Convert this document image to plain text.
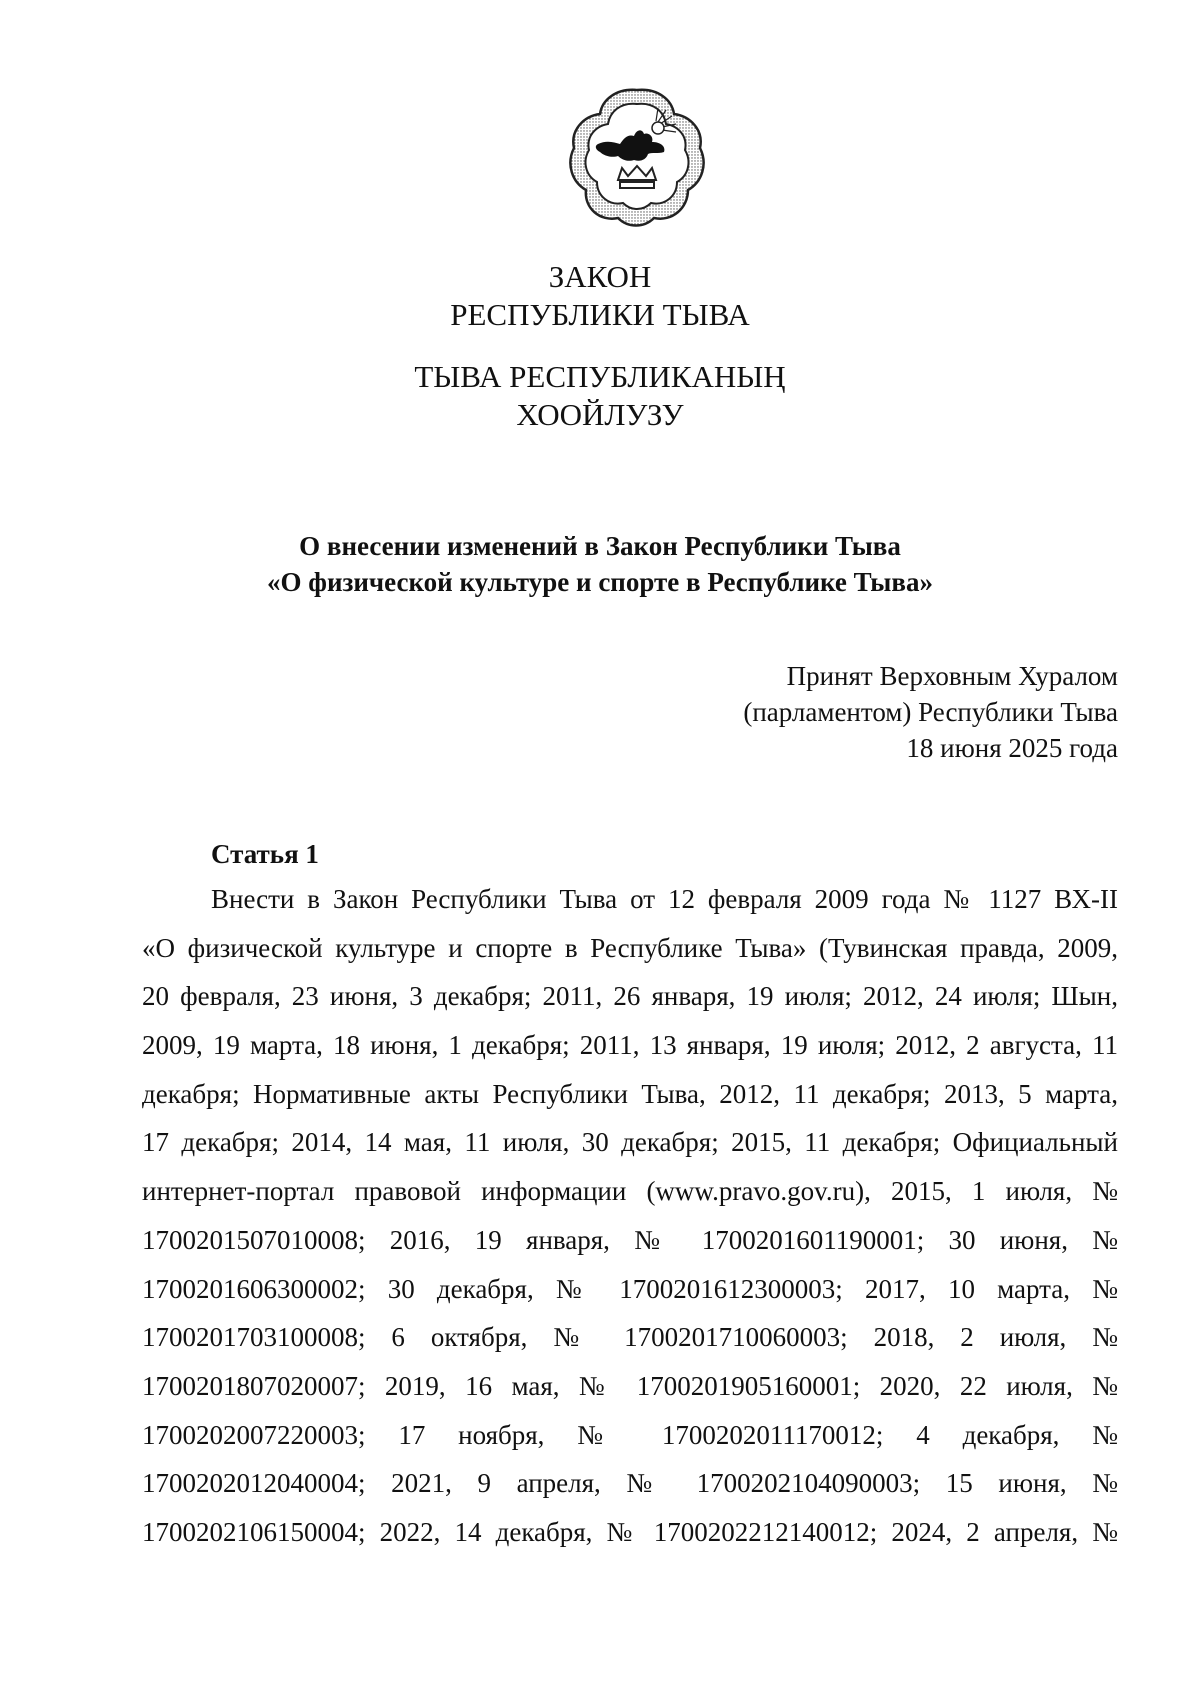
ЗАКОН
РЕСПУБЛИКИ ТЫВА
ТЫВА РЕСПУБЛИКАНЫҢ
ХООЙЛУЗУ
О внесении изменений в Закон Республики Тыва
«О физической культуре и спорте в Республике Тыва»
Принят Верховным Хуралом
(парламентом) Республики Тыва
18 июня 2025 года
Статья 1
Внести в Закон Республики Тыва от 12 февраля 2009 года № 1127 ВХ-II
«О физической культуре и спорте в Республике Тыва» (Тувинская правда, 2009,
20 февраля, 23 июня, 3 декабря; 2011, 26 января, 19 июля; 2012, 24 июля; Шын,
2009, 19 марта, 18 июня, 1 декабря; 2011, 13 января, 19 июля; 2012, 2 августа, 11
декабря; Нормативные акты Республики Тыва, 2012, 11 декабря; 2013, 5 марта,
17 декабря; 2014, 14 мая, 11 июля, 30 декабря; 2015, 11 декабря; Официальный
интернет-портал правовой информации (www.pravo.gov.ru), 2015, 1 июля, №
1700201507010008; 2016, 19 января, № 1700201601190001; 30 июня, №
1700201606300002; 30 декабря, № 1700201612300003; 2017, 10 марта, №
1700201703100008; 6 октября, № 1700201710060003; 2018, 2 июля, №
1700201807020007; 2019, 16 мая, № 1700201905160001; 2020, 22 июля, №
1700202007220003; 17 ноября, № 1700202011170012; 4 декабря, №
1700202012040004; 2021, 9 апреля, № 1700202104090003; 15 июня, №
1700202106150004; 2022, 14 декабря, № 1700202212140012; 2024, 2 апреля, №
